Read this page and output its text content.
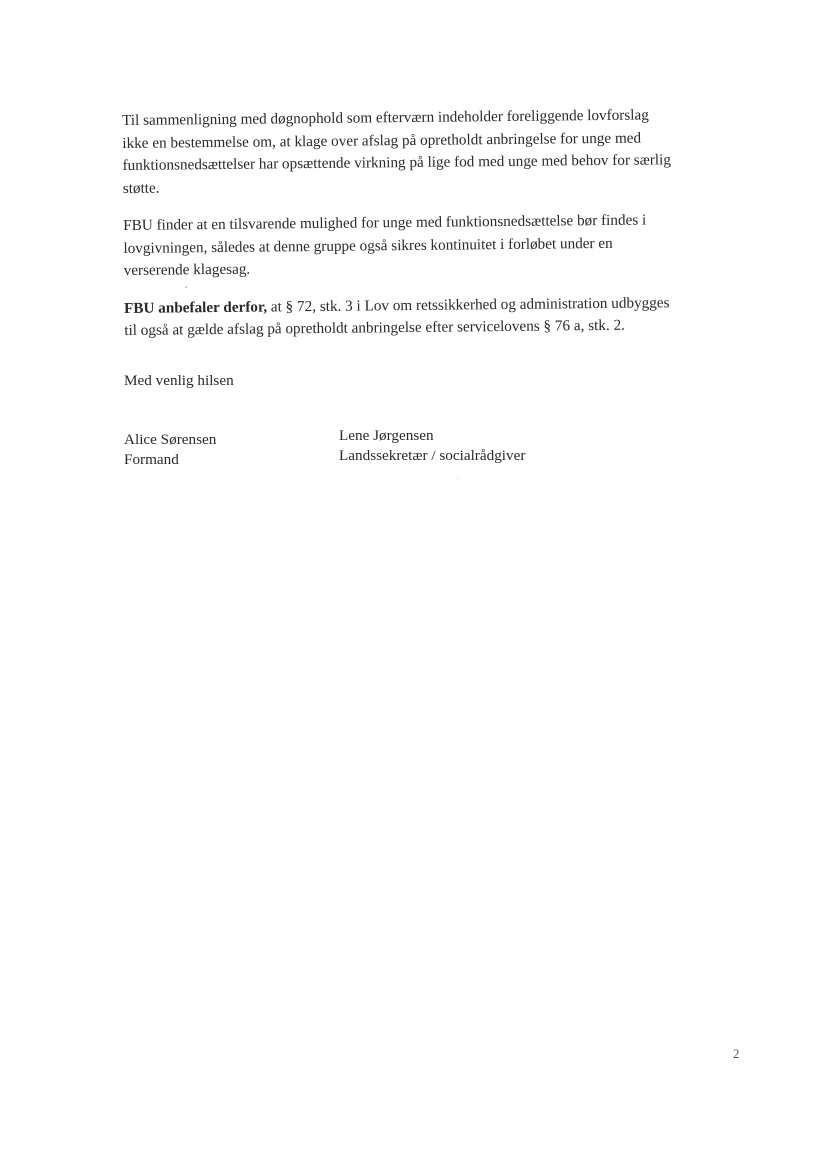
Til sammenligning med døgnophold som efterværn indeholder foreliggende lovforslag
ikke en bestemmelse om, at klage over afslag på opretholdt anbringelse for unge med
funktionsnedsættelser har opsættende virkning på lige fod med unge med behov for særlig
støtte.

FBU finder at en tilsvarende mulighed for unge med funktionsnedsættelse bør findes i
lovgivningen, således at denne gruppe også sikres kontinuitet i forløbet under en
verserende klagesag.

FBU anbefaler derfor, at § 72, stk. 3 i Lov om retssikkerhed og administration udbygges
til også at gælde afslag på opretholdt anbringelse efter servicelovens § 76 a, stk. 2.

Med venlig hilsen

Alice Sørensen
Formand
Lene Jørgensen
Landssekretær / socialrådgiver
2
